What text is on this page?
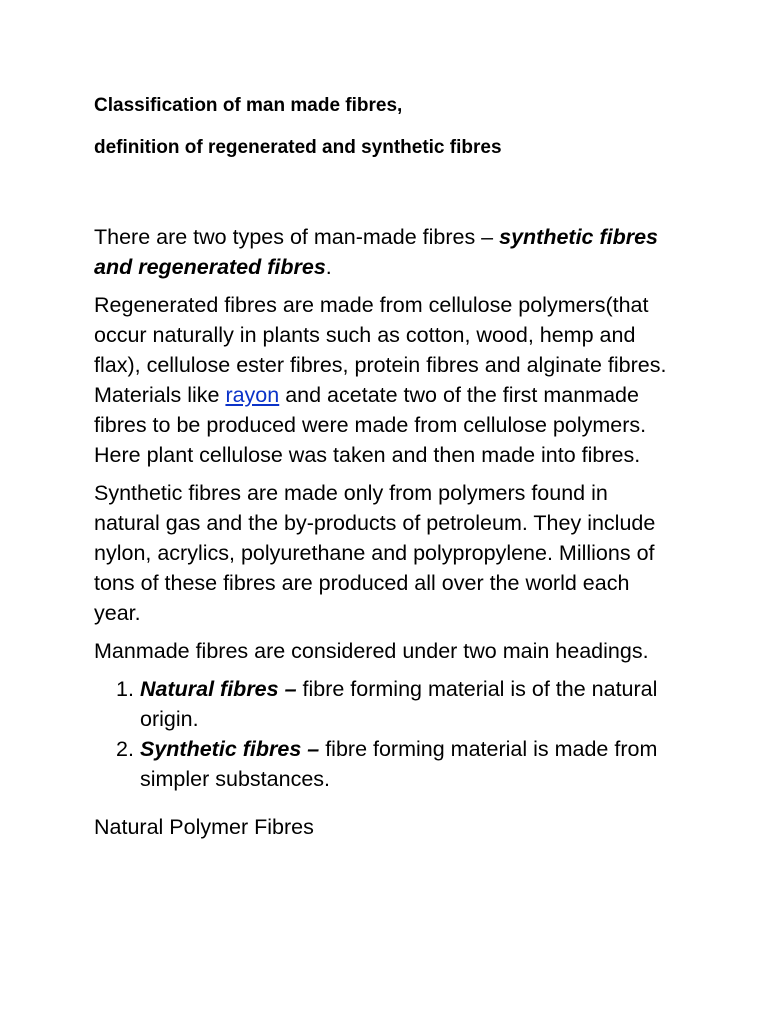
Classification of man made fibres,

definition of regenerated and synthetic fibres

There are two types of man-made fibres – synthetic fibres and regenerated fibres.

Regenerated fibres are made from cellulose polymers(that occur naturally in plants such as cotton, wood, hemp and flax), cellulose ester fibres, protein fibres and alginate fibres. Materials like rayon and acetate two of the first manmade fibres to be produced were made from cellulose polymers. Here plant cellulose was taken and then made into fibres.

Synthetic fibres are made only from polymers found in natural gas and the by-products of petroleum. They include nylon, acrylics, polyurethane and polypropylene. Millions of tons of these fibres are produced all over the world each year.

Manmade fibres are considered under two main headings.

1. Natural fibres – fibre forming material is of the natural origin.
2. Synthetic fibres – fibre forming material is made from simpler substances.

Natural Polymer Fibres
